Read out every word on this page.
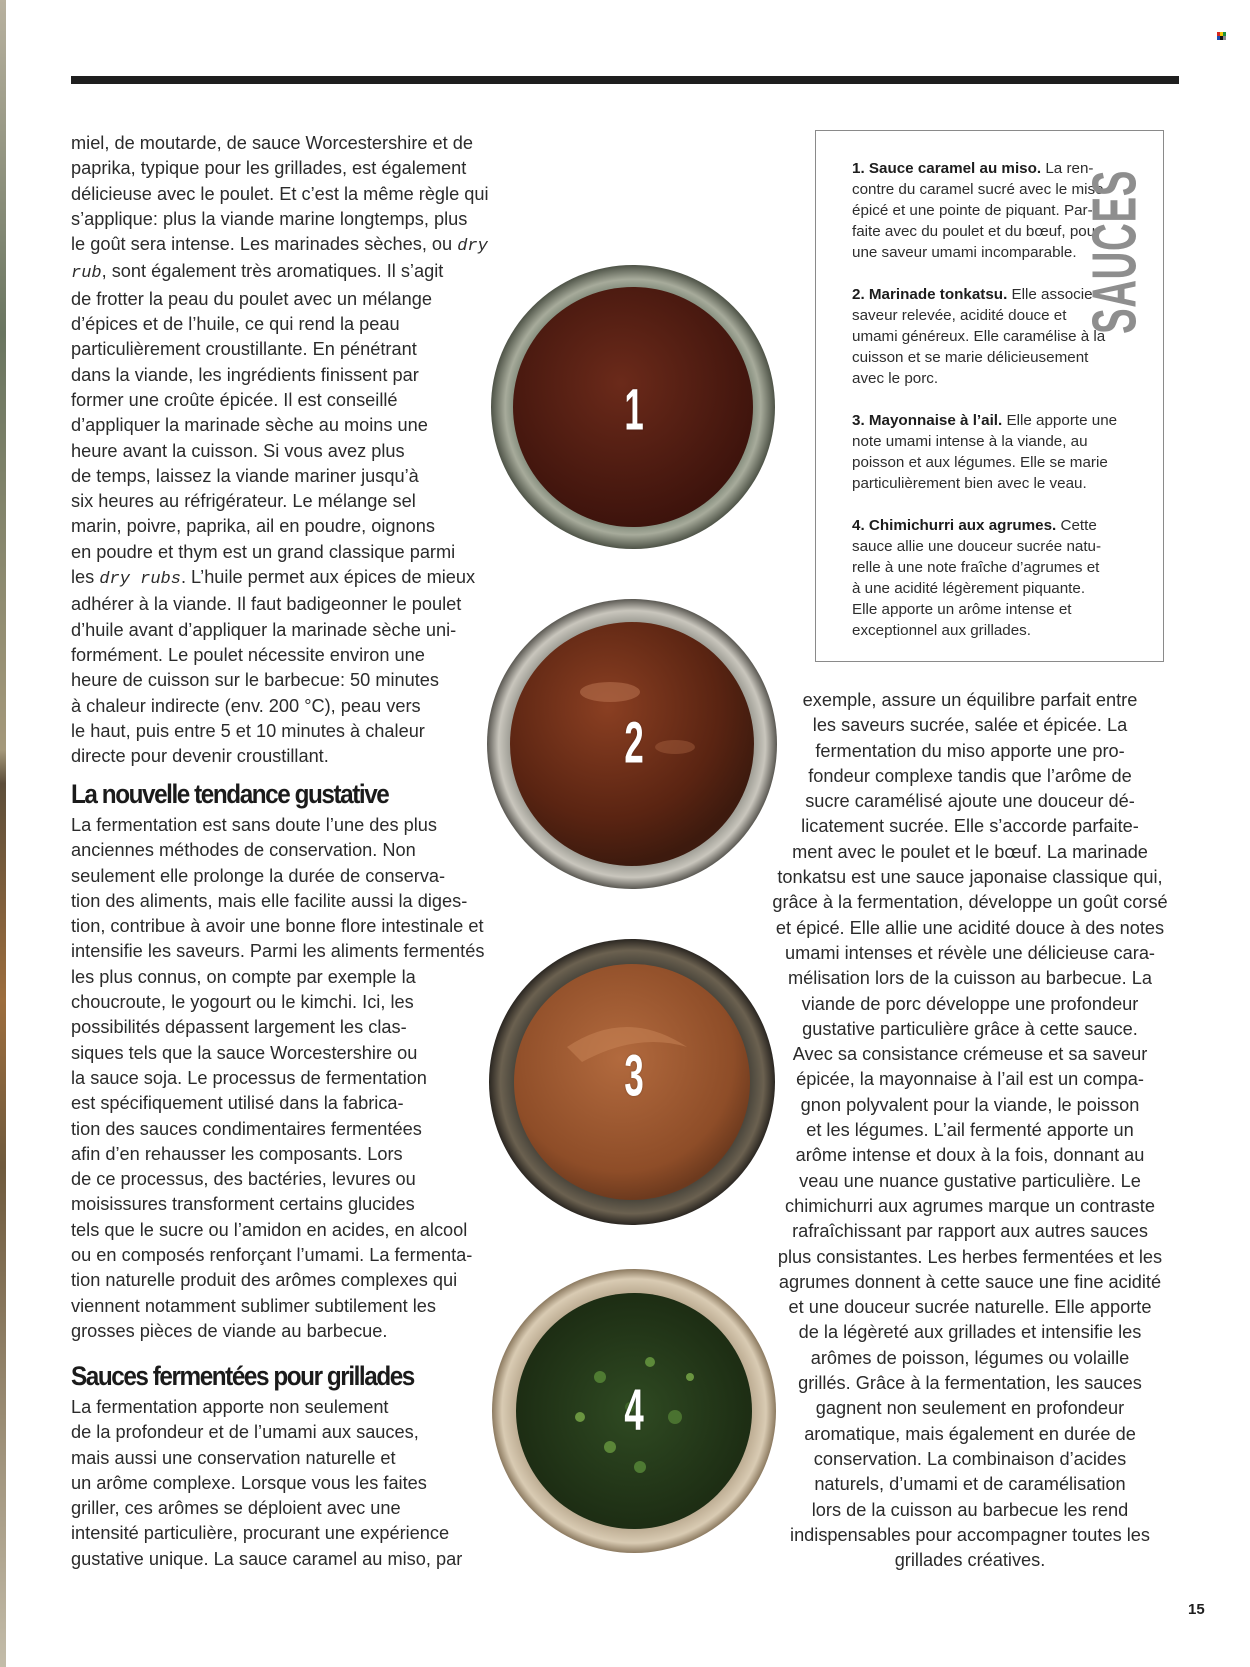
miel, de moutarde, de sauce Worcestershire et de
paprika, typique pour les grillades, est également
délicieuse avec le poulet. Et c’est la même règle qui
s’applique: plus la viande marine longtemps, plus
le goût sera intense. Les marinades sèches, ou dry rub, sont également très aromatiques. Il s’agit
de frotter la peau du poulet avec un mélange
d’épices et de l’huile, ce qui rend la peau
particulièrement croustillante. En pénétrant
dans la viande, les ingrédients finissent par
former une croûte épicée. Il est conseillé
d’appliquer la marinade sèche au moins une
heure avant la cuisson. Si vous avez plus
de temps, laissez la viande mariner jusqu’à
six heures au réfrigérateur. Le mélange sel
marin, poivre, paprika, ail en poudre, oignons
en poudre et thym est un grand classique parmi
les dry rubs. L’huile permet aux épices de mieux
adhérer à la viande. Il faut badigeonner le poulet
d’huile avant d’appliquer la marinade sèche uni-
formément. Le poulet nécessite environ une
heure de cuisson sur le barbecue: 50 minutes
à chaleur indirecte (env. 200 °C), peau vers
le haut, puis entre 5 et 10 minutes à chaleur
directe pour devenir croustillant.

La nouvelle tendance gustative

La fermentation est sans doute l’une des plus
anciennes méthodes de conservation. Non
seulement elle prolonge la durée de conserva-
tion des aliments, mais elle facilite aussi la diges-
tion, contribue à avoir une bonne flore intestinale et
intensifie les saveurs. Parmi les aliments fermentés
les plus connus, on compte par exemple la
choucroute, le yogourt ou le kimchi. Ici, les
possibilités dépassent largement les clas-
siques tels que la sauce Worcestershire ou
la sauce soja. Le processus de fermentation
est spécifiquement utilisé dans la fabrica-
tion des sauces condimentaires fermentées
afin d’en rehausser les composants. Lors
de ce processus, des bactéries, levures ou
moisissures transforment certains glucides
tels que le sucre ou l’amidon en acides, en alcool
ou en composés renforçant l’umami. La fermenta-
tion naturelle produit des arômes complexes qui
viennent notamment sublimer subtilement les
grosses pièces de viande au barbecue.

Sauces fermentées pour grillades

La fermentation apporte non seulement
de la profondeur et de l’umami aux sauces,
mais aussi une conservation naturelle et
un arôme complexe. Lorsque vous les faites
griller, ces arômes se déploient avec une
intensité particulière, procurant une expérience
gustative unique. La sauce caramel au miso, par

exemple, assure un équilibre parfait entre
les saveurs sucrée, salée et épicée. La
fermentation du miso apporte une pro-
fondeur complexe tandis que l’arôme de
sucre caramélisé ajoute une douceur dé-
licatement sucrée. Elle s’accorde parfaite-
ment avec le poulet et le bœuf. La marinade
tonkatsu est une sauce japonaise classique qui,
grâce à la fermentation, développe un goût corsé
et épicé. Elle allie une acidité douce à des notes
umami intenses et révèle une délicieuse cara-
mélisation lors de la cuisson au barbecue. La
viande de porc développe une profondeur
gustative particulière grâce à cette sauce.
Avec sa consistance crémeuse et sa saveur
épicée, la mayonnaise à l’ail est un compa-
gnon polyvalent pour la viande, le poisson
et les légumes. L’ail fermenté apporte un
arôme intense et doux à la fois, donnant au
veau une nuance gustative particulière. Le
chimichurri aux agrumes marque un contraste
rafraîchissant par rapport aux autres sauces
plus consistantes. Les herbes fermentées et les
agrumes donnent à cette sauce une fine acidité
et une douceur sucrée naturelle. Elle apporte
de la légèreté aux grillades et intensifie les
arômes de poisson, légumes ou volaille
grillés. Grâce à la fermentation, les sauces
gagnent non seulement en profondeur
aromatique, mais également en durée de
conservation. La combinaison d’acides
naturels, d’umami et de caramélisation
lors de la cuisson au barbecue les rend
indispensables pour accompagner toutes les
grillades créatives.

1. Sauce caramel au miso. La ren-
contre du caramel sucré avec le miso
épicé et une pointe de piquant. Par-
faite avec du poulet et du bœuf, pour
une saveur umami incomparable.

2. Marinade tonkatsu. Elle associe
saveur relevée, acidité douce et
umami généreux. Elle caramélise à la
cuisson et se marie délicieusement
avec le porc.

3. Mayonnaise à l’ail. Elle apporte une
note umami intense à la viande, au
poisson et aux légumes. Elle se marie
particulièrement bien avec le veau.

4. Chimichurri aux agrumes. Cette
sauce allie une douceur sucrée natu-
relle à une note fraîche d’agrumes et
à une acidité légèrement piquante.
Elle apporte un arôme intense et
exceptionnel aux grillades.

SAUCES
1
2
3
4
15
